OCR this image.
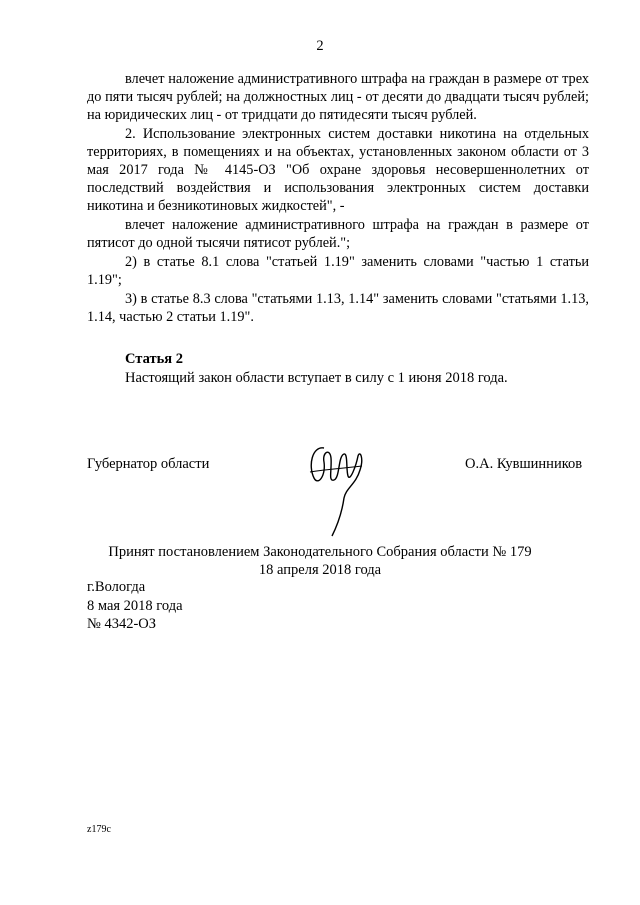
2

влечет наложение административного штрафа на граждан в размере от трех до пяти тысяч рублей; на должностных лиц - от десяти до двадцати тысяч рублей; на юридических лиц - от тридцати до пятидесяти тысяч рублей.

2. Использование электронных систем доставки никотина на отдельных территориях, в помещениях и на объектах, установленных законом области от 3 мая 2017 года № 4145-ОЗ "Об охране здоровья несовершеннолетних от последствий воздействия и использования электронных систем доставки никотина и безникотиновых жидкостей", -

влечет наложение административного штрафа на граждан в размере от пятисот до одной тысячи пятисот рублей.";

2) в статье 8.1 слова "статьей 1.19" заменить словами "частью 1 статьи 1.19";

3) в статье 8.3 слова "статьями 1.13, 1.14" заменить словами "статьями 1.13, 1.14, частью 2 статьи 1.19".

Статья 2
Настоящий закон области вступает в силу с 1 июня 2018 года.
Губернатор области	О.А. Кувшинников
Принят постановлением Законодательного Собрания области № 179
18 апреля 2018 года
г.Вологда
8 мая 2018 года
№ 4342-ОЗ
z179c
